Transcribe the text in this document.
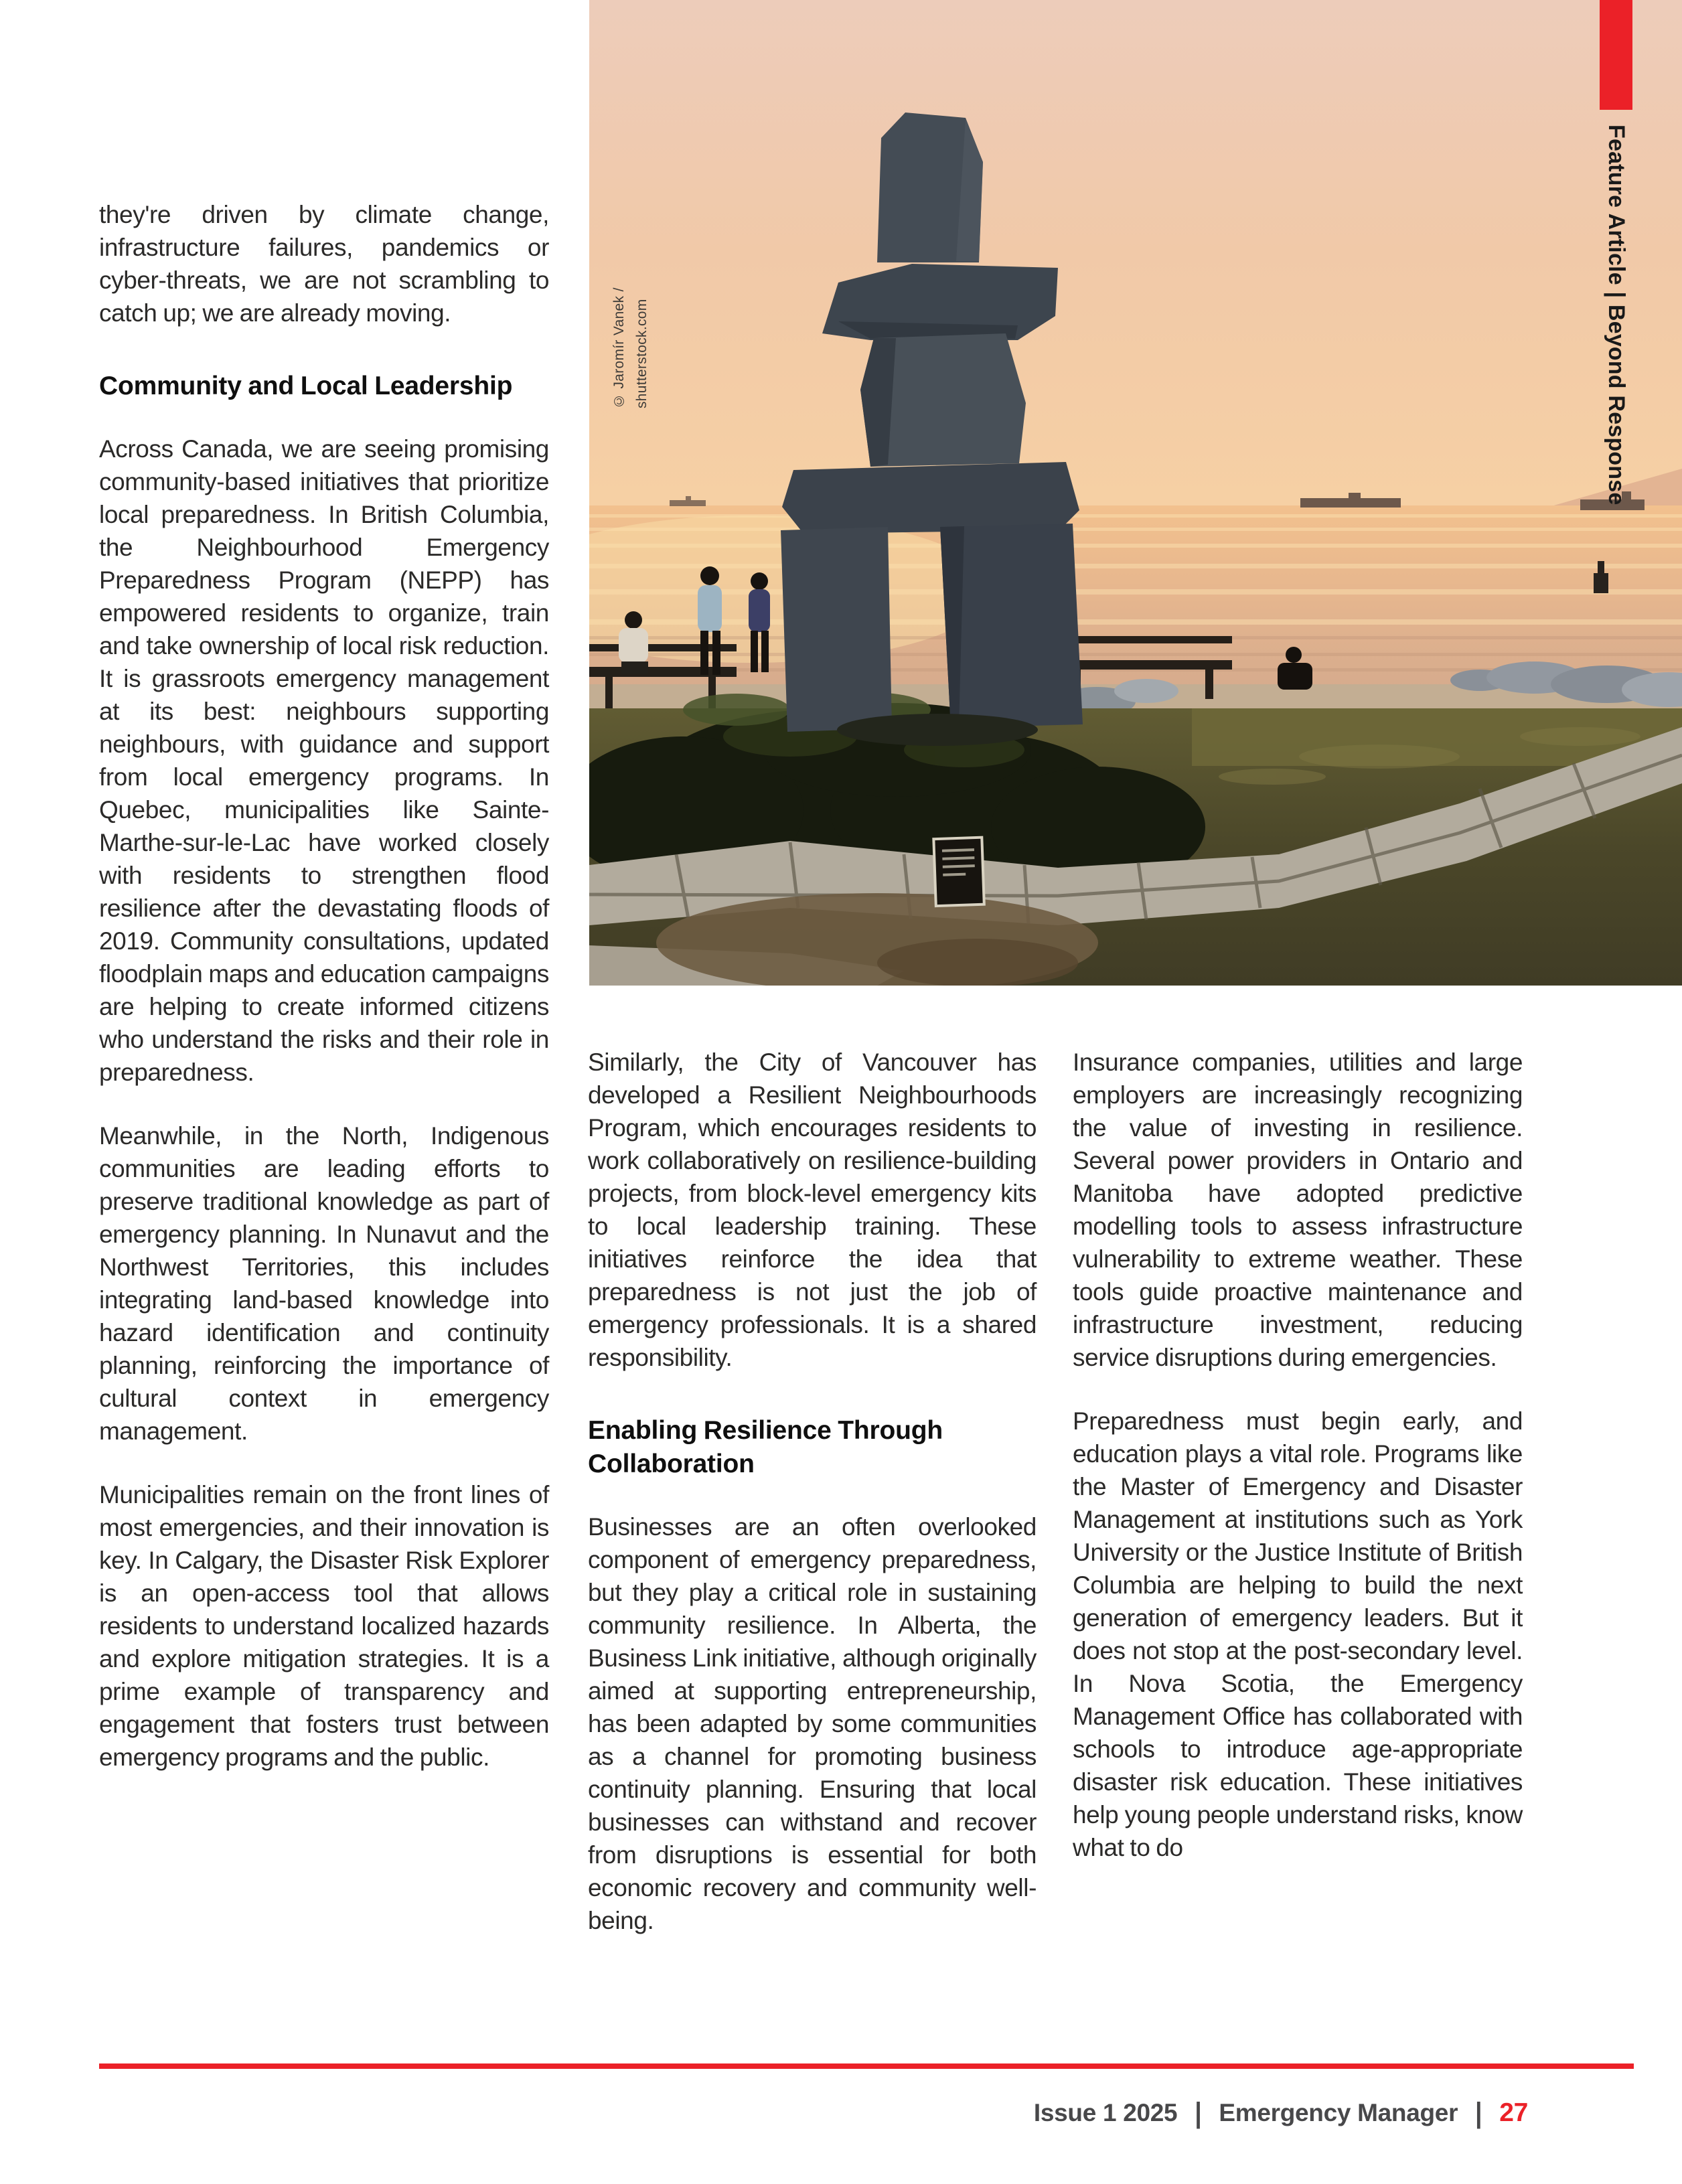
© Jaromír Vanek / shutterstock.com	Feature Article | Beyond Response

they're driven by climate change, infrastructure failures, pandemics or cyber-threats, we are not scrambling to catch up; we are already moving.

Community and Local Leadership

Across Canada, we are seeing promising community-based initiatives that prioritize local preparedness. In British Columbia, the Neighbourhood Emergency Preparedness Program (NEPP) has empowered residents to organize, train and take ownership of local risk reduction. It is grassroots emergency management at its best: neighbours supporting neighbours, with guidance and support from local emergency programs. In Quebec, municipalities like Sainte-Marthe-sur-le-Lac have worked closely with residents to strengthen flood resilience after the devastating floods of 2019. Community consultations, updated floodplain maps and education campaigns are helping to create informed citizens who understand the risks and their role in preparedness.

Meanwhile, in the North, Indigenous communities are leading efforts to preserve traditional knowledge as part of emergency planning. In Nunavut and the Northwest Territories, this includes integrating land-based knowledge into hazard identification and continuity planning, reinforcing the importance of cultural context in emergency management.

Municipalities remain on the front lines of most emergencies, and their innovation is key. In Calgary, the Disaster Risk Explorer is an open-access tool that allows residents to understand localized hazards and explore mitigation strategies. It is a prime example of transparency and engagement that fosters trust between emergency programs and the public.

Similarly, the City of Vancouver has developed a Resilient Neighbourhoods Program, which encourages residents to work collaboratively on resilience-building projects, from block-level emergency kits to local leadership training. These initiatives reinforce the idea that preparedness is not just the job of emergency professionals. It is a shared responsibility.

Enabling Resilience Through Collaboration

Businesses are an often overlooked component of emergency preparedness, but they play a critical role in sustaining community resilience. In Alberta, the Business Link initiative, although originally aimed at supporting entrepreneurship, has been adapted by some communities as a channel for promoting business continuity planning. Ensuring that local businesses can withstand and recover from disruptions is essential for both economic recovery and community well-being.

Insurance companies, utilities and large employers are increasingly recognizing the value of investing in resilience. Several power providers in Ontario and Manitoba have adopted predictive modelling tools to assess infrastructure vulnerability to extreme weather. These tools guide proactive maintenance and infrastructure investment, reducing service disruptions during emergencies.

Preparedness must begin early, and education plays a vital role. Programs like the Master of Emergency and Disaster Management at institutions such as York University or the Justice Institute of British Columbia are helping to build the next generation of emergency leaders. But it does not stop at the post-secondary level. In Nova Scotia, the Emergency Management Office has collaborated with schools to introduce age-appropriate disaster risk education. These initiatives help young people understand risks, know what to do

Issue 1 2025 | Emergency Manager | 27
